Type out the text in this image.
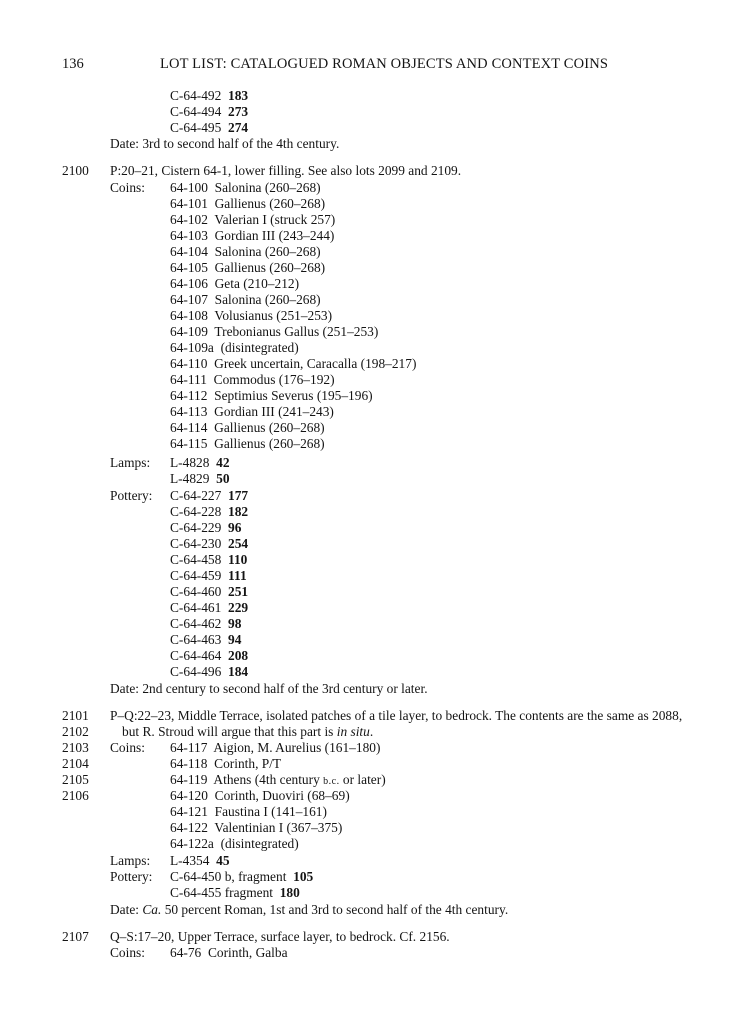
136	LOT LIST: CATALOGUED ROMAN OBJECTS AND CONTEXT COINS
C-64-492 183
C-64-494 273
C-64-495 274
Date: 3rd to second half of the 4th century.
2100 P:20–21, Cistern 64-1, lower filling. See also lots 2099 and 2109.
Coins: 64-100 Salonina (260–268)
64-101 Gallienus (260–268)
64-102 Valerian I (struck 257)
64-103 Gordian III (243–244)
64-104 Salonina (260–268)
64-105 Gallienus (260–268)
64-106 Geta (210–212)
64-107 Salonina (260–268)
64-108 Volusianus (251–253)
64-109 Trebonianus Gallus (251–253)
64-109a (disintegrated)
64-110 Greek uncertain, Caracalla (198–217)
64-111 Commodus (176–192)
64-112 Septimius Severus (195–196)
64-113 Gordian III (241–243)
64-114 Gallienus (260–268)
64-115 Gallienus (260–268)
Lamps: L-4828 42
L-4829 50
Pottery: C-64-227 177
C-64-228 182
C-64-229 96
C-64-230 254
C-64-458 110
C-64-459 111
C-64-460 251
C-64-461 229
C-64-462 98
C-64-463 94
C-64-464 208
C-64-496 184
Date: 2nd century to second half of the 3rd century or later.
2101
2102
2103
2104
2105
2106
P–Q:22–23, Middle Terrace, isolated patches of a tile layer, to bedrock. The contents are the same as 2088,
but R. Stroud will argue that this part is in situ.
Coins: 64-117 Aigion, M. Aurelius (161–180)
64-118 Corinth, P/T
64-119 Athens (4th century b.c. or later)
64-120 Corinth, Duoviri (68–69)
64-121 Faustina I (141–161)
64-122 Valentinian I (367–375)
64-122a (disintegrated)
Lamps: L-4354 45
Pottery: C-64-450 b, fragment 105
C-64-455 fragment 180
Date: Ca. 50 percent Roman, 1st and 3rd to second half of the 4th century.
2107 Q–S:17–20, Upper Terrace, surface layer, to bedrock. Cf. 2156.
Coins: 64-76 Corinth, Galba
